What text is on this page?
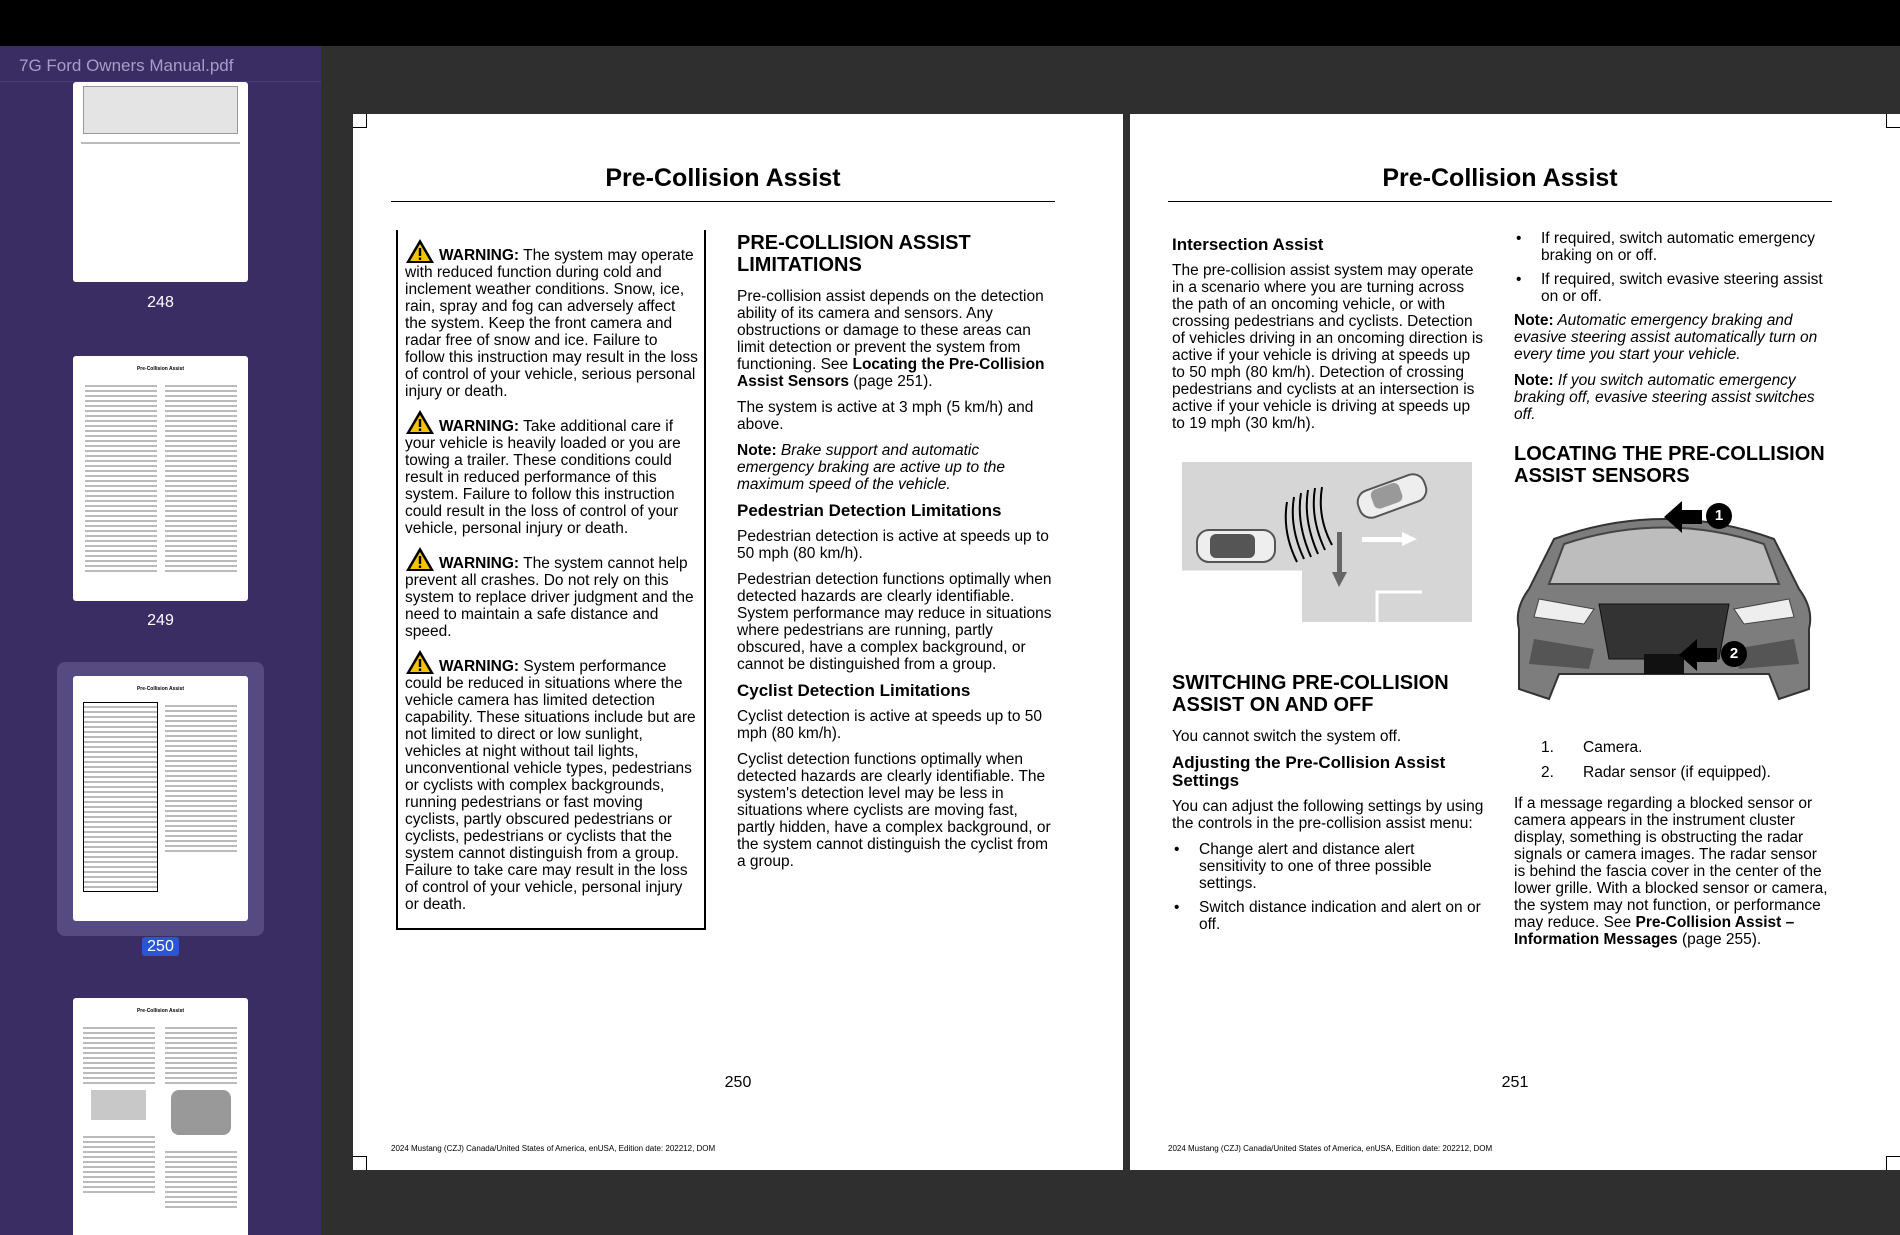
7G Ford Owners Manual.pdf
248
Pre-Collision Assist
249
Pre-Collision Assist
250
Pre-Collision Assist
Pre-Collision Assist

WARNING: The system may operate with reduced function during cold and inclement weather conditions. Snow, ice, rain, spray and fog can adversely affect the system. Keep the front camera and radar free of snow and ice. Failure to follow this instruction may result in the loss of control of your vehicle, serious personal injury or death.

WARNING: Take additional care if your vehicle is heavily loaded or you are towing a trailer. These conditions could result in reduced performance of this system. Failure to follow this instruction could result in the loss of control of your vehicle, personal injury or death.

WARNING: The system cannot help prevent all crashes. Do not rely on this system to replace driver judgment and the need to maintain a safe distance and speed.

WARNING: System performance could be reduced in situations where the vehicle camera has limited detection capability. These situations include but are not limited to direct or low sunlight, vehicles at night without tail lights, unconventional vehicle types, pedestrians or cyclists with complex backgrounds, running pedestrians or fast moving cyclists, partly obscured pedestrians or cyclists, pedestrians or cyclists that the system cannot distinguish from a group. Failure to take care may result in the loss of control of your vehicle, personal injury or death.

PRE-COLLISION ASSIST LIMITATIONS

Pre-collision assist depends on the detection ability of its camera and sensors. Any obstructions or damage to these areas can limit detection or prevent the system from functioning. See Locating the Pre-Collision Assist Sensors (page 251).

The system is active at 3 mph (5 km/h) and above.

Note: Brake support and automatic emergency braking are active up to the maximum speed of the vehicle.

Pedestrian Detection Limitations

Pedestrian detection is active at speeds up to 50 mph (80 km/h).

Pedestrian detection functions optimally when detected hazards are clearly identifiable. System performance may reduce in situations where pedestrians are running, partly obscured, have a complex background, or cannot be distinguished from a group.

Cyclist Detection Limitations

Cyclist detection is active at speeds up to 50 mph (80 km/h).

Cyclist detection functions optimally when detected hazards are clearly identifiable. The system's detection level may be less in situations where cyclists are moving fast, partly hidden, have a complex background, or the system cannot distinguish the cyclist from a group.

250
2024 Mustang (CZJ) Canada/United States of America, enUSA, Edition date: 202212, DOM
Pre-Collision Assist
Intersection Assist

The pre-collision assist system may operate in a scenario where you are turning across the path of an oncoming vehicle, or with crossing pedestrians and cyclists. Detection of vehicles driving in an oncoming direction is active if your vehicle is driving at speeds up to 50 mph (80 km/h). Detection of crossing pedestrians and cyclists at an intersection is active if your vehicle is driving at speeds up to 19 mph (30 km/h).

SWITCHING PRE-COLLISION ASSIST ON AND OFF

You cannot switch the system off.

Adjusting the Pre-Collision Assist Settings

You can adjust the following settings by using the controls in the pre-collision assist menu:

• Change alert and distance alert sensitivity to one of three possible settings.
• Switch distance indication and alert on or off.
• If required, switch automatic emergency braking on or off.
• If required, switch evasive steering assist on or off.

Note: Automatic emergency braking and evasive steering assist automatically turn on every time you start your vehicle.

Note: If you switch automatic emergency braking off, evasive steering assist switches off.

LOCATING THE PRE-COLLISION ASSIST SENSORS
1
2
1. Camera.
2. Radar sensor (if equipped).

If a message regarding a blocked sensor or camera appears in the instrument cluster display, something is obstructing the radar signals or camera images. The radar sensor is behind the fascia cover in the center of the lower grille. With a blocked sensor or camera, the system may not function, or performance may reduce. See Pre-Collision Assist – Information Messages (page 255).

251
2024 Mustang (CZJ) Canada/United States of America, enUSA, Edition date: 202212, DOM
